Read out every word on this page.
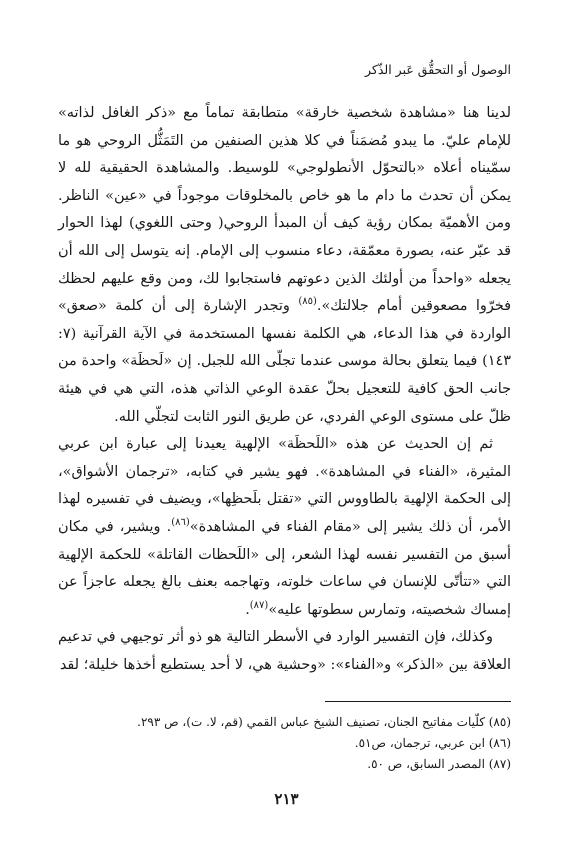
الوصول أو التحقُّق عَبر الذّكر

لدينا هنا «مشاهدة شخصية خارقة» متطابقة تماماً مع «ذكر الغافل لذاته» للإمام عليّ. ما يبدو مُضمَناً في كلا هذين الصنفين من التَمَثُّل الروحي هو ما سمّيناه أعلاه «بالتحوّل الأنطولوجي» للوسيط. والمشاهدة الحقيقية لله لا يمكن أن تحدث ما دام ما هو خاص بالمخلوقات موجوداً في «عين» الناظر. ومن الأهميّة بمكان رؤية كيف أن المبدأ الروحي( وحتى اللغوي) لهذا الحوار قد عبّر عنه، بصورة معمّقة، دعاء منسوب إلى الإمام. إنه يتوسل إلى الله أن يجعله «واحداً من أولئك الذين دعوتهم فاستجابوا لك، ومن وقع عليهم لحظك فخرّوا مصعوقين أمام جلالتك».$^{(٨٥)}$ وتجدر الإشارة إلى أن كلمة «صعق» الواردة في هذا الدعاء، هي الكلمة نفسها المستخدمة في الآية القرآنية (٧: ١٤٣) فيما يتعلق بحالة موسى عندما تجلّى الله للجبل. إن «لَحظَة» واحدة من جانب الحق كافية للتعجيل بحلّ عقدة الوعي الذاتي هذه، التي هي في هيئة ظلّ على مستوى الوعي الفردي، عن طريق النور الثابت لتجلّي الله.

ثم إن الحديث عن هذه «اللَحظَة» الإلهية يعيدنا إلى عبارة ابن عربي المثيرة، «الفناء في المشاهدة». فهو يشير في كتابه، «ترجمان الأشواق»، إلى الحكمة الإلهية بالطاووس التي «تقتل بلَحظِها»، ويضيف في تفسيره لهذا الأمر، أن ذلك يشير إلى «مقام الفناء في المشاهدة»$^{(٨٦)}$. ويشير، في مكان أسبق من التفسير نفسه لهذا الشعر، إلى «اللَحظات القاتلة» للحكمة الإلهية التي «تتأتّى للإنسان في ساعات خلوته، وتهاجمه بعنف بالغ يجعله عاجزاً عن إمساك شخصيته، وتمارس سطوتها عليه»$^{(٨٧)}$.

وكذلك، فإن التفسير الوارد في الأسطر التالية هو ذو أثر توجيهي في تدعيم العلاقة بين «الذكر» و«الفناء»: «وحشية هي، لا أحد يستطيع أخذها خليلة؛ لقد

(٨٥) كلّيات مفاتيح الجنان، تصنيف الشيخ عباس القمي (قم، لا. ت)، ص ٢٩٣.
(٨٦) ابن عربي، ترجمان، ص٥١.
(٨٧) المصدر السابق، ص ٥٠.
٢١٣
